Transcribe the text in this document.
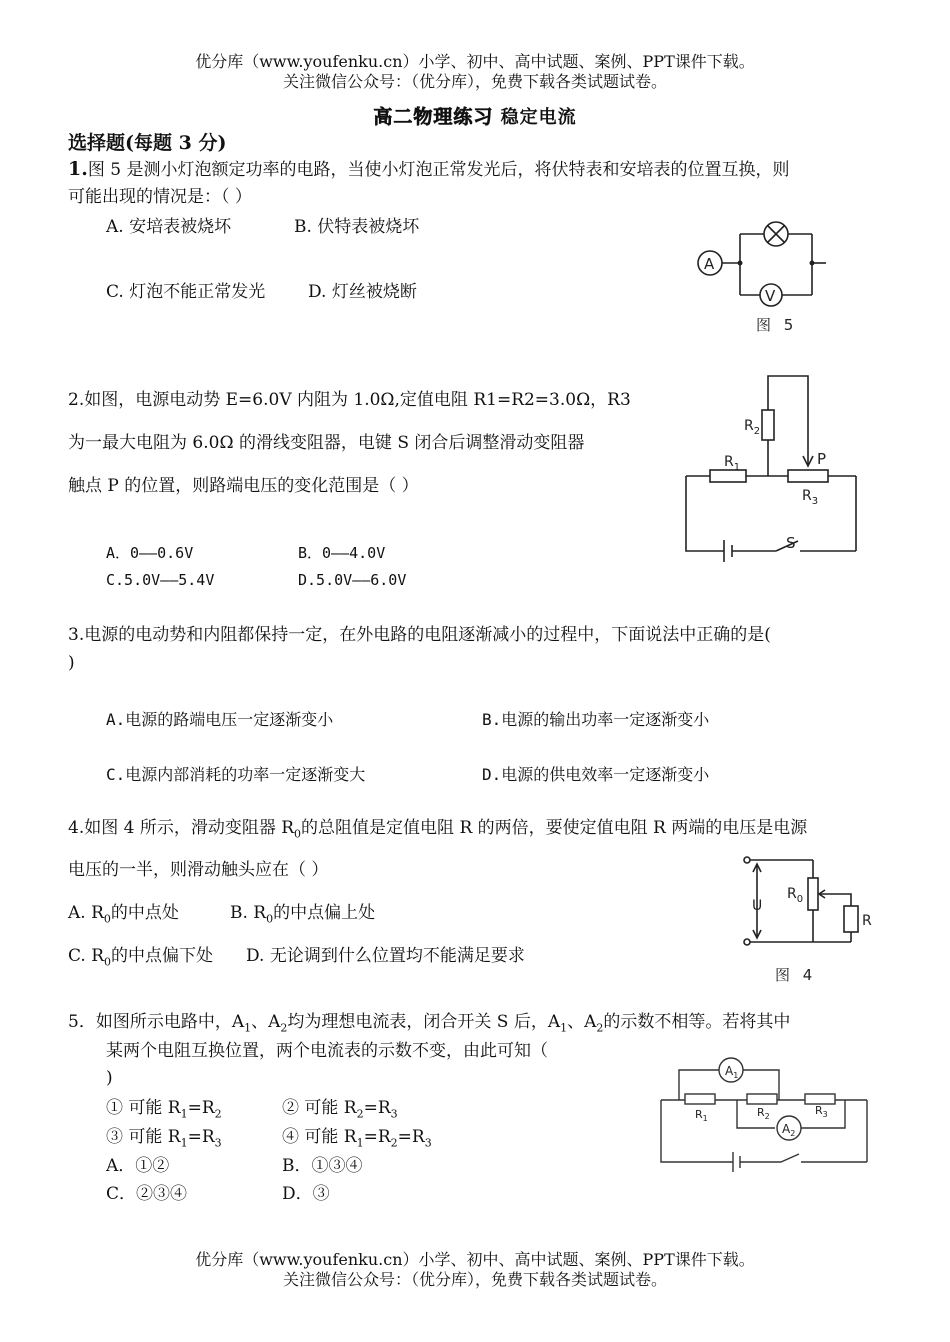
优分库（www.youfenku.cn）小学、初中、高中试题、案例、PPT课件下载。
关注微信公众号：（优分库），免费下载各类试题试卷。
高二物理练习 稳定电流
选择题(每题 3 分)
1.图 5 是测小灯泡额定功率的电路，当使小灯泡正常发光后，将伏特表和安培表的位置互换，则
可能出现的情况是：（ ）
A. 安培表被烧坏	B. 伏特表被烧坏
C. 灯泡不能正常发光	D. 灯丝被烧断
A
V
图 5
2.如图，电源电动势 E=6.0V 内阻为 1.0Ω,定值电阻 R1=R2=3.0Ω，R3
为一最大电阻为 6.0Ω 的滑线变阻器，电键 S 闭合后调整滑动变阻器
触点 P 的位置，则路端电压的变化范围是（ ）
A．0——0.6V	B．0——4.0V
C.5.0V——5.4V	D.5.0V——6.0V
$R_2$
$R_1$	P
$R_3$
S
3.电源的电动势和内阻都保持一定，在外电路的电阻逐渐减小的过程中，下面说法中正确的是(
)
A.电源的路端电压一定逐渐变小	B.电源的输出功率一定逐渐变小
C.电源内部消耗的功率一定逐渐变大	D.电源的供电效率一定逐渐变小
4.如图 4 所示，滑动变阻器 $R_0$的总阻值是定值电阻 R 的两倍，要使定值电阻 R 两端的电压是电源
电压的一半，则滑动触头应在（ ）
A. $R_0$的中点处	B. $R_0$的中点偏上处
C. $R_0$的中点偏下处 D. 无论调到什么位置均不能满足要求
U
$R_0$
R
图 4
5．如图所示电路中，$A_1$、$A_2$均为理想电流表，闭合开关 S 后，$A_1$、$A_2$的示数不相等。若将其中
某两个电阻互换位置，两个电流表的示数不变，由此可知（
)
① 可能 $R_1=R_2$	② 可能 $R_2=R_3$
③ 可能 $R_1=R_3$	④ 可能 $R_1=R_2=R_3$
A．①②	B．①③④
C．②③④	D．③
$A_1$
$A_2$
$R_1$	$R_2$	$R_3$
优分库（www.youfenku.cn）小学、初中、高中试题、案例、PPT课件下载。
关注微信公众号：（优分库），免费下载各类试题试卷。
